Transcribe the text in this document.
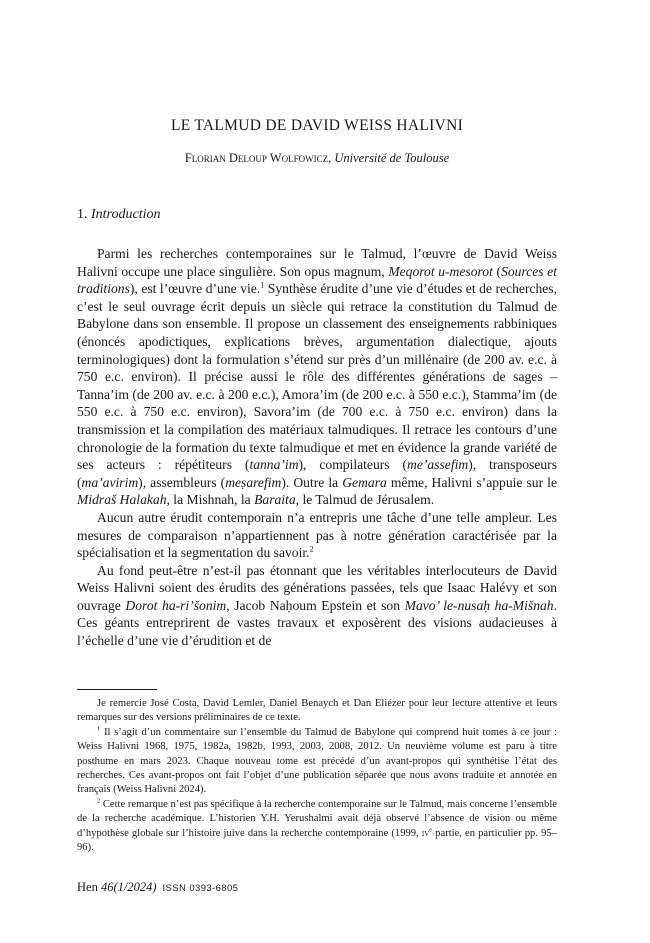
LE TALMUD DE DAVID WEISS HALIVNI
Florian Deloup Wolfowicz, Université de Toulouse
1. Introduction

Parmi les recherches contemporaines sur le Talmud, l’œuvre de David Weiss Halivni occupe une place singulière. Son opus magnum, Meqorot u-mesorot (Sources et traditions), est l’œuvre d’une vie.$^1$ Synthèse érudite d’une vie d’études et de recherches, c’est le seul ouvrage écrit depuis un siècle qui retrace la constitution du Talmud de Babylone dans son ensemble. Il propose un classement des enseignements rabbiniques (énoncés apodictiques, explications brèves, argumentation dialectique, ajouts terminologiques) dont la formulation s’étend sur près d’un millénaire (de 200 av. e.c. à 750 e.c. environ). Il précise aussi le rôle des différentes générations de sages – Tanna’im (de 200 av. e.c. à 200 e.c.), Amora’im (de 200 e.c. à 550 e.c.), Stamma’im (de 550 e.c. à 750 e.c. environ), Savora’im (de 700 e.c. à 750 e.c. environ) dans la transmission et la compilation des matériaux talmudiques. Il retrace les contours d’une chronologie de la formation du texte talmudique et met en évidence la grande variété de ses acteurs : répétiteurs (tanna’im), compilateurs (me’assefim), transposeurs (ma’avirim), assembleurs (meṣarefim). Outre la Gemara même, Halivni s’appuie sur le Midraš Halakah, la Mishnah, la Baraita, le Talmud de Jérusalem.

Aucun autre érudit contemporain n’a entrepris une tâche d’une telle ampleur. Les mesures de comparaison n’appartiennent pas à notre génération caractérisée par la spécialisation et la segmentation du savoir.$^2$

Au fond peut-être n’est-il pas étonnant que les véritables interlocuteurs de David Weiss Halivni soient des érudits des générations passées, tels que Isaac Halévy et son ouvrage Dorot ha-ri’šonim, Jacob Naḥoum Epstein et son Mavo’ le-nusaḥ ha-Mišnah. Ces géants entreprirent de vastes travaux et exposèrent des visions audacieuses à l’échelle d’une vie d’érudition et de

Je remercie José Costa, David Lemler, Daniel Benaych et Dan Eliézer pour leur lecture attentive et leurs remarques sur des versions préliminaires de ce texte.

$^1$ Il s’agit d’un commentaire sur l’ensemble du Talmud de Babylone qui comprend huit tomes à ce jour : Weiss Halivni 1968, 1975, 1982a, 1982b, 1993, 2003, 2008, 2012. Un neuvième volume est paru à titre posthume en mars 2023. Chaque nouveau tome est précédé d’un avant-propos qui synthétise l’état des recherches. Ces avant-propos ont fait l’objet d’une publication séparée que nous avons traduite et annotée en français (Weiss Halivni 2024).

$^2$ Cette remarque n’est pas spécifique à la recherche contemporaine sur le Talmud, mais concerne l’ensemble de la recherche académique. L’historien Y.H. Yerushalmi avait déjà observé l’absence de vision ou même d’hypothèse globale sur l’histoire juive dans la recherche contemporaine (1999, $iv^e$ partie, en particulier pp. 95–96).

Hen 46(1/2024) ISSN 0393-6805
